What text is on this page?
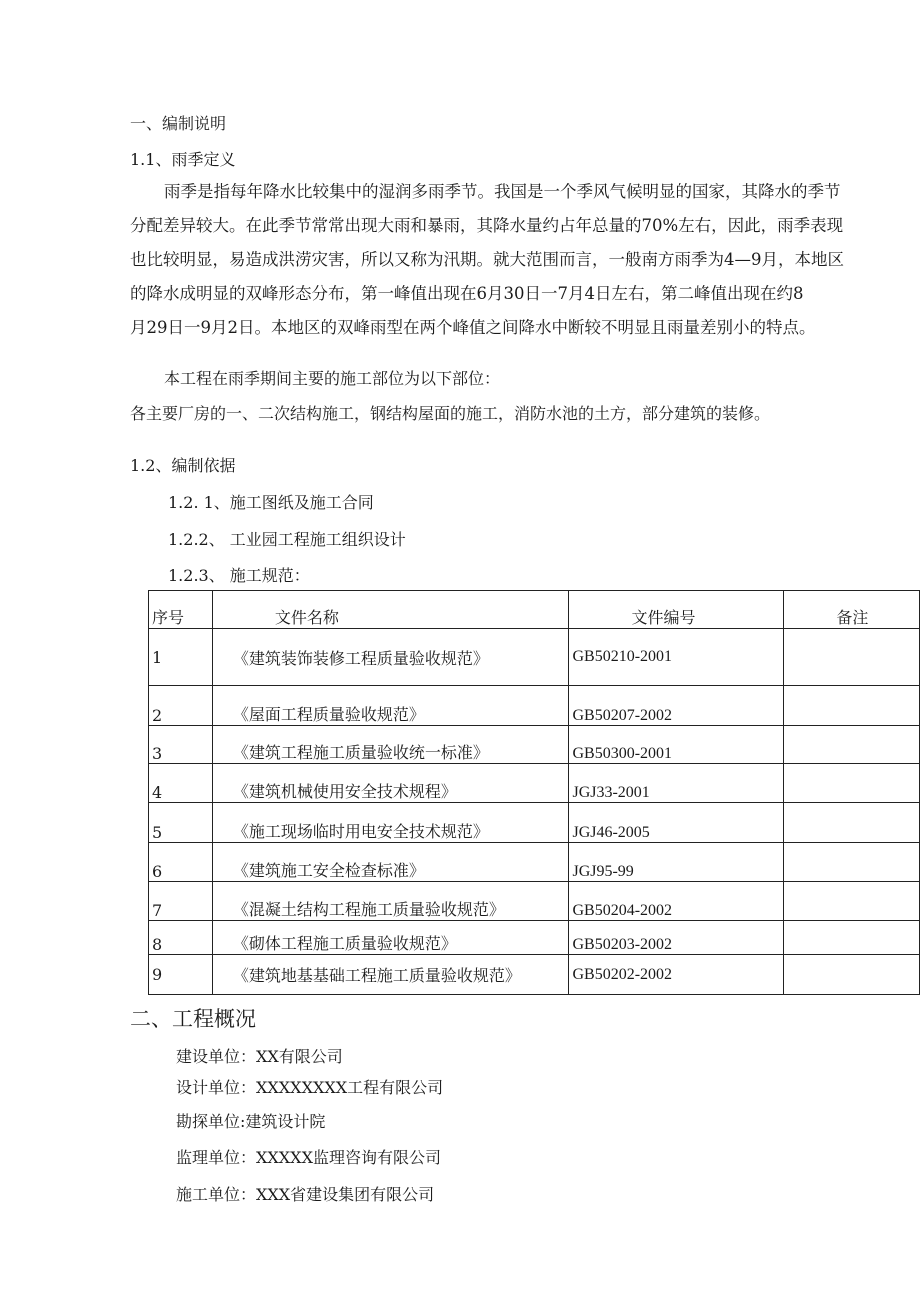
一、编制说明
1.1、雨季定义
雨季是指每年降水比较集中的湿润多雨季节。我国是一个季风气候明显的国家，其降水的季节
分配差异较大。在此季节常常出现大雨和暴雨，其降水量约占年总量的70%左右，因此，雨季表现
也比较明显，易造成洪涝灾害，所以又称为汛期。就大范围而言，一般南方雨季为4—9月，本地区
的降水成明显的双峰形态分布，第一峰值出现在6月30日一7月4日左右，第二峰值出现在约8
月29日一9月2日。本地区的双峰雨型在两个峰值之间降水中断较不明显且雨量差别小的特点。
本工程在雨季期间主要的施工部位为以下部位：
各主要厂房的一、二次结构施工，钢结构屋面的施工，消防水池的土方，部分建筑的装修。
1.2、编制依据
1.2. 1、施工图纸及施工合同
1.2.2、 工业园工程施工组织设计
1.2.3、 施工规范：
序号	文件名称	文件编号	备注
1	《建筑装饰装修工程质量验收规范》	GB50210-2001	
2	《屋面工程质量验收规范》	GB50207-2002	
3	《建筑工程施工质量验收统一标准》	GB50300-2001	
4	《建筑机械使用安全技术规程》	JGJ33-2001	
5	《施工现场临时用电安全技术规范》	JGJ46-2005	
6	《建筑施工安全检查标准》	JGJ95-99	
7	《混凝土结构工程施工质量验收规范》	GB50204-2002	
8	《砌体工程施工质量验收规范》	GB50203-2002	
9	《建筑地基基础工程施工质量验收规范》	GB50202-2002	
二、工程概况
建设单位：XX有限公司
设计单位：XXXXXXXX工程有限公司
勘探单位:建筑设计院
监理单位：XXXXX监理咨询有限公司
施工单位：XXX省建设集团有限公司
